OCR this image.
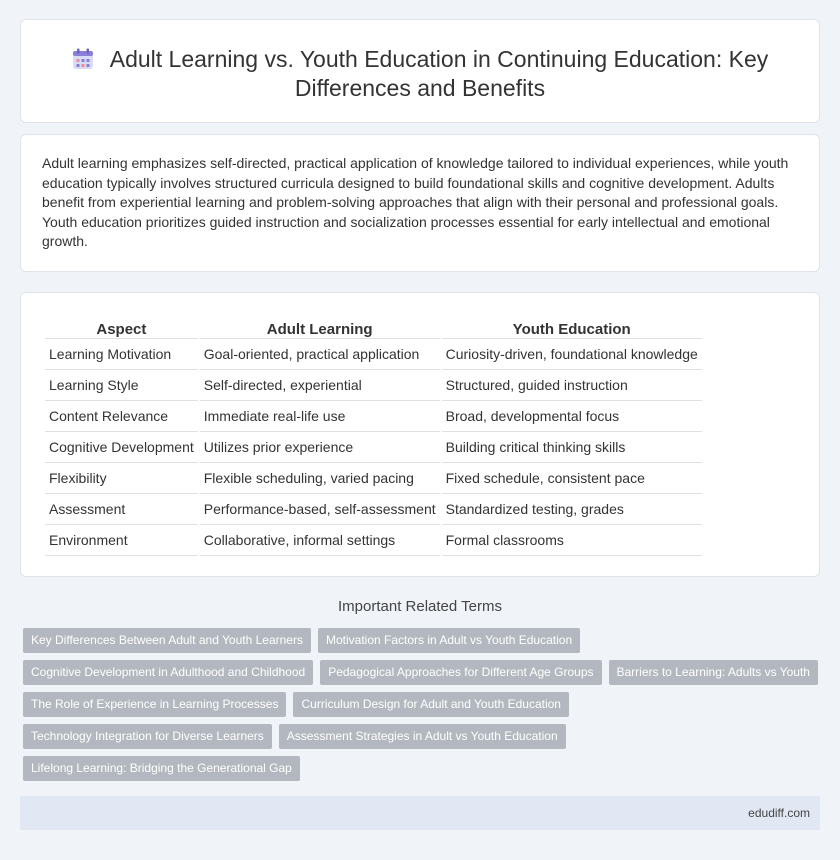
Adult Learning vs. Youth Education in Continuing Education: Key Differences and Benefits

Adult learning emphasizes self-directed, practical application of knowledge tailored to individual experiences, while youth education typically involves structured curricula designed to build foundational skills and cognitive development. Adults benefit from experiential learning and problem-solving approaches that align with their personal and professional goals. Youth education prioritizes guided instruction and socialization processes essential for early intellectual and emotional growth.

Aspect	Adult Learning	Youth Education
Learning Motivation	Goal-oriented, practical application	Curiosity-driven, foundational knowledge
Learning Style	Self-directed, experiential	Structured, guided instruction
Content Relevance	Immediate real-life use	Broad, developmental focus
Cognitive Development	Utilizes prior experience	Building critical thinking skills
Flexibility	Flexible scheduling, varied pacing	Fixed schedule, consistent pace
Assessment	Performance-based, self-assessment	Standardized testing, grades
Environment	Collaborative, informal settings	Formal classrooms
Important Related Terms
Key Differences Between Adult and Youth Learners	Motivation Factors in Adult vs Youth Education
Cognitive Development in Adulthood and Childhood	Pedagogical Approaches for Different Age Groups	Barriers to Learning: Adults vs Youth
The Role of Experience in Learning Processes	Curriculum Design for Adult and Youth Education
Technology Integration for Diverse Learners	Assessment Strategies in Adult vs Youth Education
Lifelong Learning: Bridging the Generational Gap
edudiff.com
